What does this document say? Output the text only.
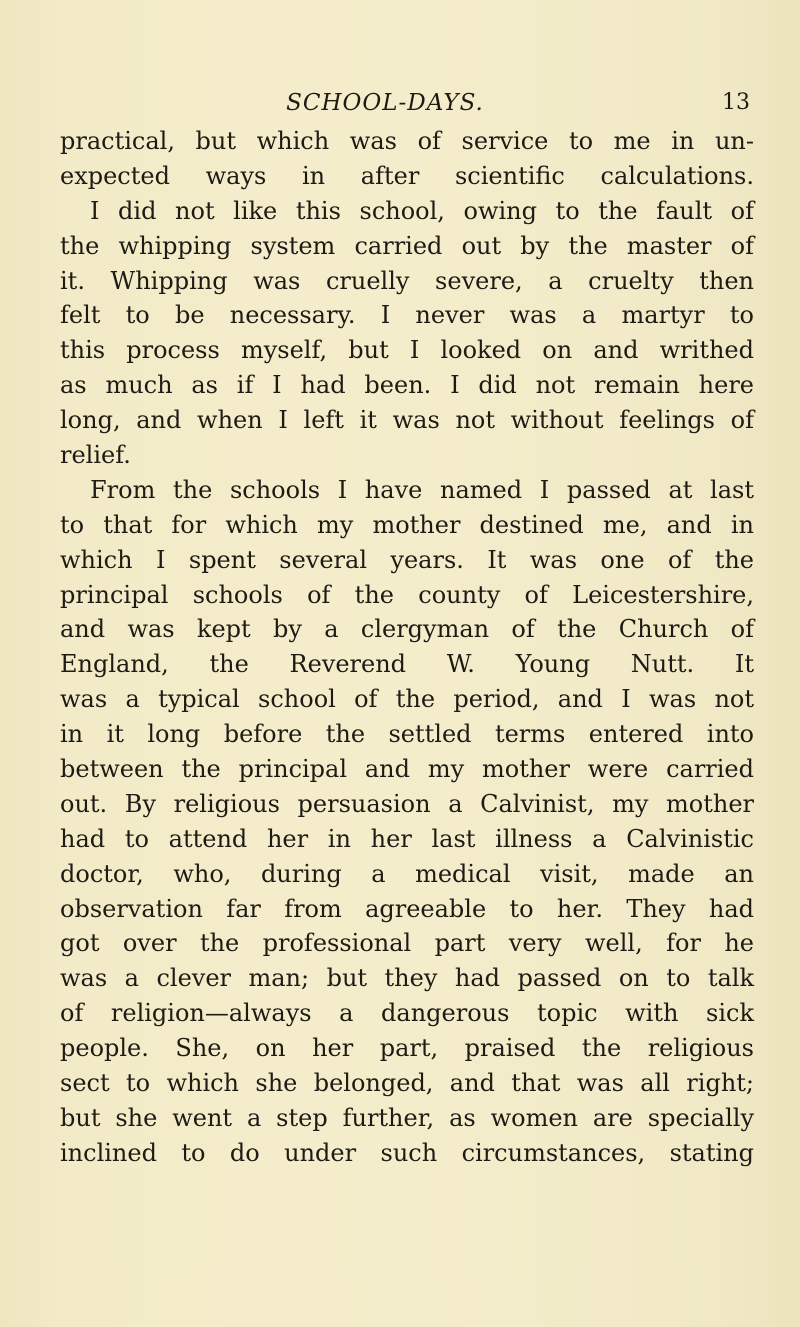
SCHOOL-DAYS.	13
practical, but which was of service to me in un-
expected ways in after scientific calculations.
I did not like this school, owing to the fault of
the whipping system carried out by the master of
it. Whipping was cruelly severe, a cruelty then
felt to be necessary. I never was a martyr to
this process myself, but I looked on and writhed
as much as if I had been. I did not remain here
long, and when I left it was not without feelings of
relief.
From the schools I have named I passed at last
to that for which my mother destined me, and in
which I spent several years. It was one of the
principal schools of the county of Leicestershire,
and was kept by a clergyman of the Church of
England, the Reverend W. Young Nutt. It
was a typical school of the period, and I was not
in it long before the settled terms entered into
between the principal and my mother were carried
out. By religious persuasion a Calvinist, my mother
had to attend her in her last illness a Calvinistic
doctor, who, during a medical visit, made an
observation far from agreeable to her. They had
got over the professional part very well, for he
was a clever man; but they had passed on to talk
of religion—always a dangerous topic with sick
people. She, on her part, praised the religious
sect to which she belonged, and that was all right;
but she went a step further, as women are specially
inclined to do under such circumstances, stating
